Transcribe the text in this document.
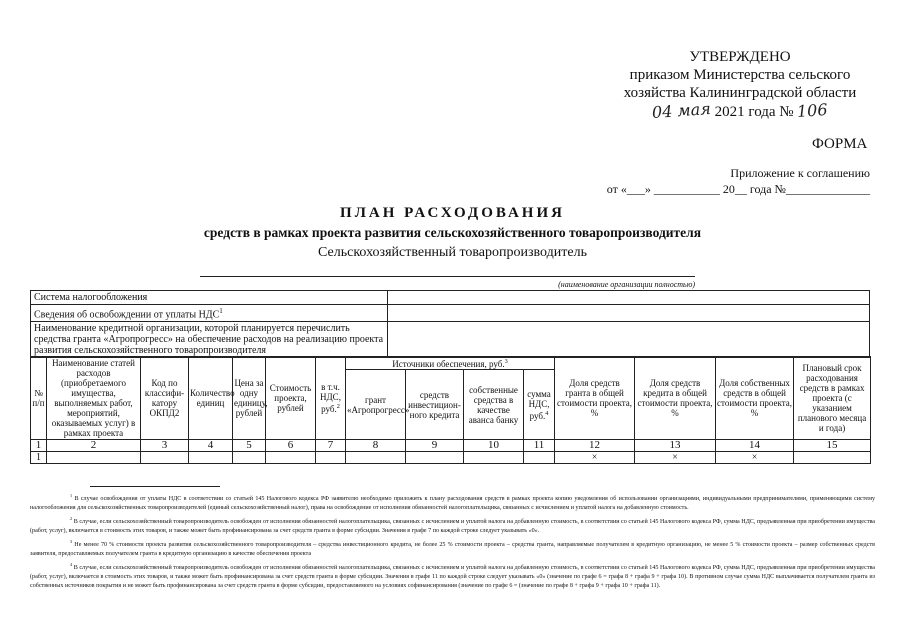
УТВЕРЖДЕНО
приказом Министерства сельского
хозяйства Калининградской области
04 мая 2021 года № 106
ФОРМА
Приложение к соглашению
от «___» ___________ 20__ года №______________
ПЛАН РАСХОДОВАНИЯ
средств в рамках проекта развития сельскохозяйственного товаропроизводителя
Сельскохозяйственный товаропроизводитель
(наименование организации полностью)
Система налогообложения	
Сведения об освобождении от уплаты НДС$^1$	
Наименование кредитной организации, которой планируется перечислить средства гранта «Агропрогресс» на обеспечение расходов на реализацию проекта развития сельскохозяйственного товаропроизводителя	
№ п/п	Наименование статей расходов (приобретаемого имущества, выполняемых работ, мероприятий, оказываемых услуг) в рамках проекта	Код по классифи-катору ОКПД2	Количество единиц	Цена за одну единицу, рублей	Стоимость проекта, рублей	в т.ч. НДС, руб.$^2$	Источники обеспечения, руб.$^3$				Доля средств гранта в общей стоимости проекта, %	Доля средств кредита в общей стоимости проекта, %	Доля собственных средств в общей стоимости проекта, %	Плановый срок расходования средств в рамках проекта (с указанием планового месяца и года)
							грант «Агропрогресс»	средств инвестицион-ного кредита	собственные средства в качестве аванса банку	сумма НДС, руб.$^4$
1	2	3	4	5	6	7	8	9	10	11	12	13	14	15
1											×	×	×	

$^1$ В случае освобождения от уплаты НДС в соответствии со статьей 145 Налогового кодекса РФ заявителю необходимо приложить к плану расходования средств в рамках проекта копию уведомления об использовании организациями, индивидуальными предпринимателями, применяющими систему налогообложения для сельскохозяйственных товаропроизводителей (единый сельскохозяйственный налог), права на освобождение от исполнения обязанностей налогоплательщика, связанных с исчислением и уплатой налога на добавленную стоимость.

$^2$ В случае, если сельскохозяйственный товаропроизводитель освобожден от исполнения обязанностей налогоплательщика, связанных с исчислением и уплатой налога на добавленную стоимость, в соответствии со статьей 145 Налогового кодекса РФ, сумма НДС, предъявленная при приобретении имущества (работ, услуг), включается в стоимость этих товаров, и также может быть профинансирована за счет средств гранта в форме субсидии. Значения в графе 7 по каждой строке следует указывать «0».

$^3$ Не менее 70 % стоимости проекта развития сельскохозяйственного товаропроизводителя – средства инвестиционного кредита, не более 25 % стоимости проекта – средства гранта, направляемые получателем в кредитную организацию, не менее 5 % стоимости проекта – размер собственных средств заявителя, предоставляемых получателем гранта в кредитную организацию в качестве обеспечения проекта

$^4$ В случае, если сельскохозяйственный товаропроизводитель освобожден от исполнения обязанностей налогоплательщика, связанных с исчислением и уплатой налога на добавленную стоимость, в соответствии со статьей 145 Налогового кодекса РФ, сумма НДС, предъявленная при приобретении имущества (работ, услуг), включается в стоимость этих товаров, и также может быть профинансирована за счет средств гранта в форме субсидии. Значения в графе 11 по каждой строке следует указывать «0» (значение по графе 6 = графа 8 + графа 9 + графа 10). В противном случае сумма НДС выплачивается получателем гранта из собственных источников покрытия и не может быть профинансирована за счет средств гранта в форме субсидии, предоставляемого на условиях софинансирования (значение по графе 6 = (значение по графе 8 + графа 9 + графа 10 + графа 11).
